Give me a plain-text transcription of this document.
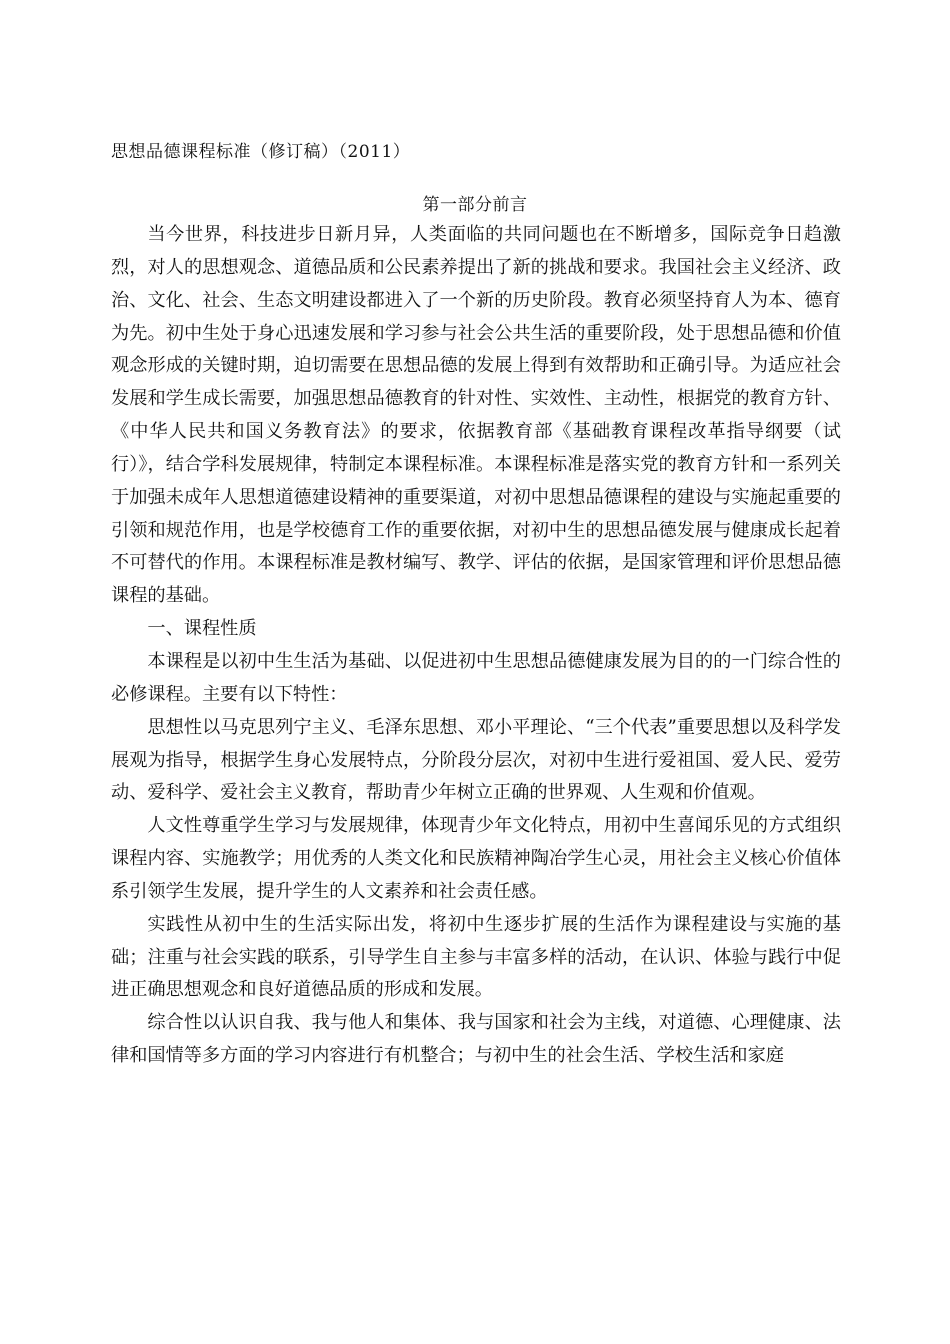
思想品德课程标准（修订稿）（2011）
第一部分前言

当今世界，科技进步日新月异，人类面临的共同问题也在不断增多，国际竞争日趋激烈，对人的思想观念、道德品质和公民素养提出了新的挑战和要求。我国社会主义经济、政治、文化、社会、生态文明建设都进入了一个新的历史阶段。教育必须坚持育人为本、德育为先。初中生处于身心迅速发展和学习参与社会公共生活的重要阶段，处于思想品德和价值观念形成的关键时期，迫切需要在思想品德的发展上得到有效帮助和正确引导。为适应社会发展和学生成长需要，加强思想品德教育的针对性、实效性、主动性，根据党的教育方针、《中华人民共和国义务教育法》的要求，依据教育部《基础教育课程改革指导纲要（试行）》，结合学科发展规律，特制定本课程标准。本课程标准是落实党的教育方针和一系列关于加强未成年人思想道德建设精神的重要渠道，对初中思想品德课程的建设与实施起重要的引领和规范作用，也是学校德育工作的重要依据，对初中生的思想品德发展与健康成长起着不可替代的作用。本课程标准是教材编写、教学、评估的依据，是国家管理和评价思想品德课程的基础。

一、课程性质

本课程是以初中生生活为基础、以促进初中生思想品德健康发展为目的的一门综合性的必修课程。主要有以下特性：

思想性以马克思列宁主义、毛泽东思想、邓小平理论、“三个代表”重要思想以及科学发展观为指导，根据学生身心发展特点，分阶段分层次，对初中生进行爱祖国、爱人民、爱劳动、爱科学、爱社会主义教育，帮助青少年树立正确的世界观、人生观和价值观。

人文性尊重学生学习与发展规律，体现青少年文化特点，用初中生喜闻乐见的方式组织课程内容、实施教学；用优秀的人类文化和民族精神陶冶学生心灵，用社会主义核心价值体系引领学生发展，提升学生的人文素养和社会责任感。

实践性从初中生的生活实际出发，将初中生逐步扩展的生活作为课程建设与实施的基础；注重与社会实践的联系，引导学生自主参与丰富多样的活动，在认识、体验与践行中促进正确思想观念和良好道德品质的形成和发展。

综合性以认识自我、我与他人和集体、我与国家和社会为主线，对道德、心理健康、法律和国情等多方面的学习内容进行有机整合；与初中生的社会生活、学校生活和家庭
